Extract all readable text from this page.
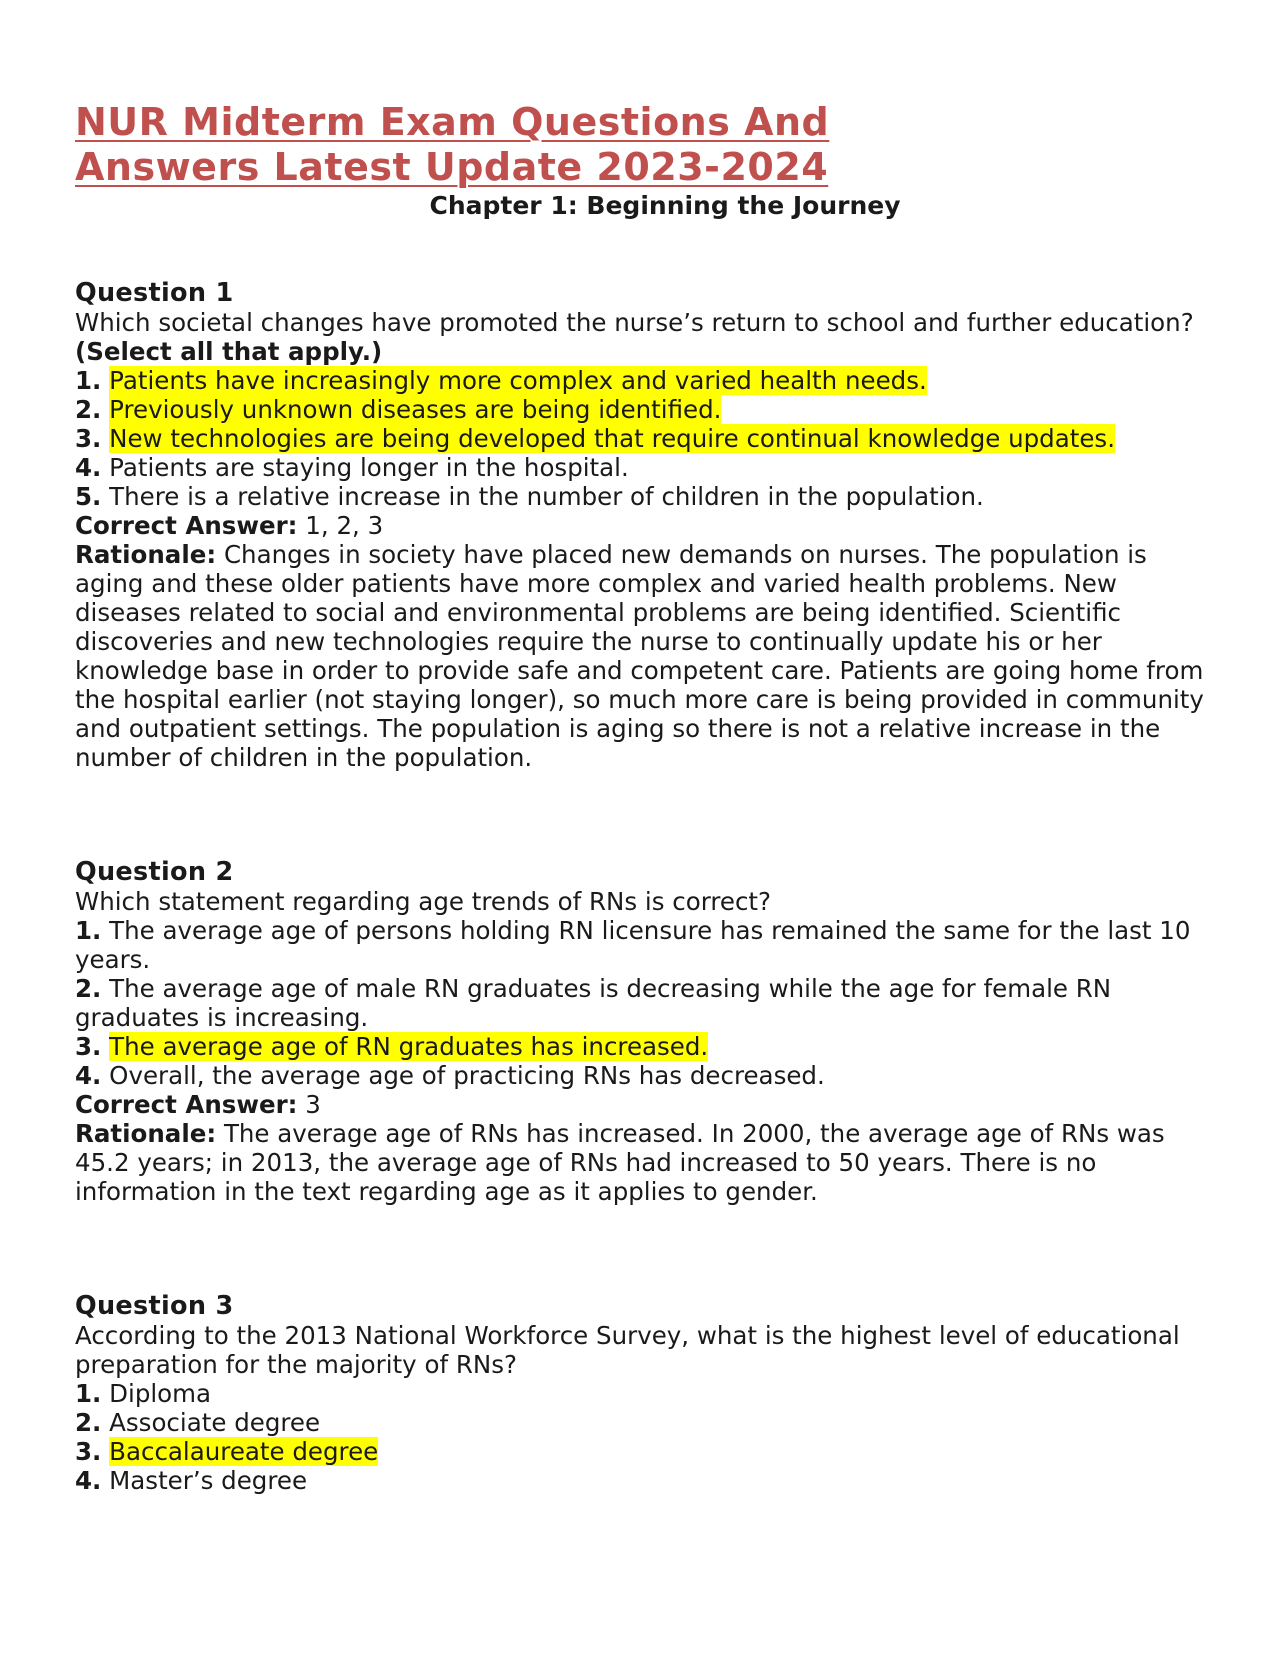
NUR Midterm Exam Questions And
Answers Latest Update 2023-2024
Chapter 1: Beginning the Journey
Question 1

Which societal changes have promoted the nurse’s return to school and further education? (Select all that apply.)

1. Patients have increasingly more complex and varied health needs.
2. Previously unknown diseases are being identified.
3. New technologies are being developed that require continual knowledge updates.
4. Patients are staying longer in the hospital.
5. There is a relative increase in the number of children in the population.

Correct Answer: 1, 2, 3

Rationale: Changes in society have placed new demands on nurses. The population is aging and these older patients have more complex and varied health problems. New diseases related to social and environmental problems are being identified. Scientific discoveries and new technologies require the nurse to continually update his or her knowledge base in order to provide safe and competent care. Patients are going home from the hospital earlier (not staying longer), so much more care is being provided in community and outpatient settings. The population is aging so there is not a relative increase in the number of children in the population.

Question 2

Which statement regarding age trends of RNs is correct?

1. The average age of persons holding RN licensure has remained the same for the last 10 years.
2. The average age of male RN graduates is decreasing while the age for female RN graduates is increasing.
3. The average age of RN graduates has increased.
4. Overall, the average age of practicing RNs has decreased.

Correct Answer: 3

Rationale: The average age of RNs has increased. In 2000, the average age of RNs was
45.2 years; in 2013, the average age of RNs had increased to 50 years. There is no information in the text regarding age as it applies to gender.

Question 3

According to the 2013 National Workforce Survey, what is the highest level of educational preparation for the majority of RNs?

1. Diploma
2. Associate degree
3. Baccalaureate degree
4. Master’s degree
